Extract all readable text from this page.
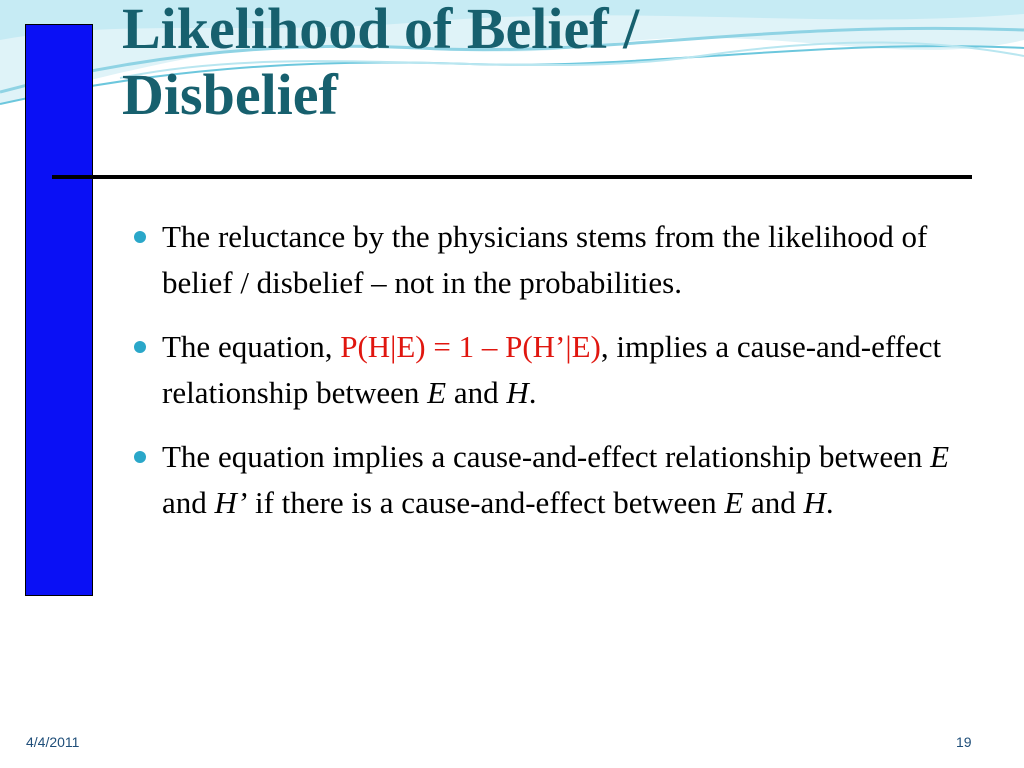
Likelihood of Belief /
Disbelief
The reluctance by the physicians stems from the likelihood of belief / disbelief – not in the probabilities.
The equation, P(H|E) = 1 – P(H’|E), implies a cause-and-effect relationship between E and H.
The equation implies a cause-and-effect relationship between E and H’ if there is a cause-and-effect between E and H.
4/4/2011	19
